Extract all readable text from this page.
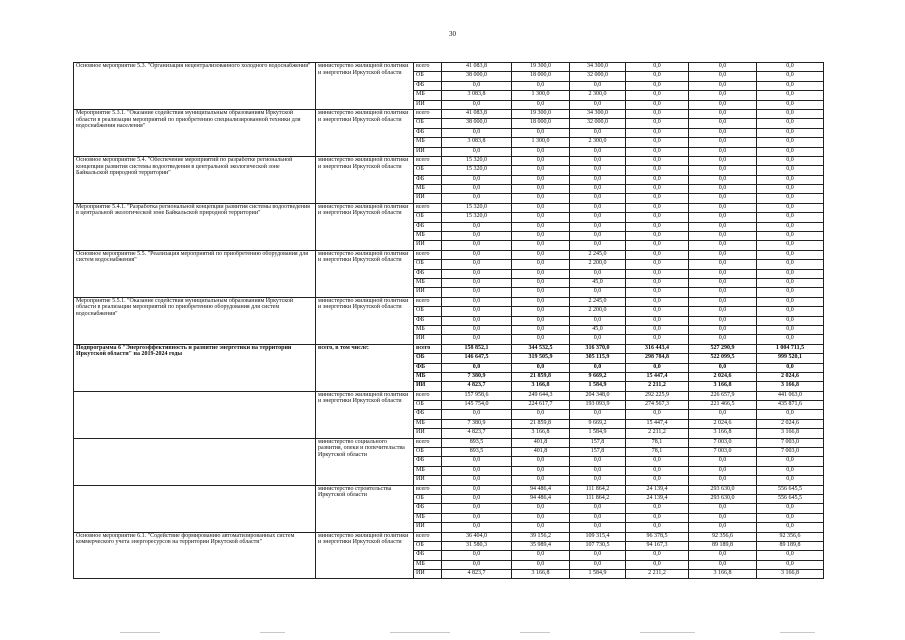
30
Основное мероприятие 5.3. "Организация нецентрализованного холодного водоснабжения"	министерство жилищной политики и энергетики Иркутской области	всего	41 083,8	19 300,0	34 300,0	0,0	0,0	0,0
		ОБ	38 000,0	18 000,0	32 000,0	0,0	0,0	0,0
		ФБ	0,0	0,0	0,0	0,0	0,0	0,0
		МБ	3 083,8	1 300,0	2 300,0	0,0	0,0	0,0
		ИИ	0,0	0,0	0,0	0,0	0,0	0,0
Мероприятие 5.3.1. "Оказание содействия муниципальным образованиям Иркутской области в реализации мероприятий по приобретению специализированной техники для водоснабжения населения"	министерство жилищной политики и энергетики Иркутской области	всего	41 083,8	19 300,0	34 300,0	0,0	0,0	0,0
		ОБ	38 000,0	18 000,0	32 000,0	0,0	0,0	0,0
		ФБ	0,0	0,0	0,0	0,0	0,0	0,0
		МБ	3 083,8	1 300,0	2 300,0	0,0	0,0	0,0
		ИИ	0,0	0,0	0,0	0,0	0,0	0,0
Основное мероприятие 5.4. "Обеспечение мероприятий по разработке региональной концепции развития системы водоотведения в центральной экологической зоне Байкальской природной территории"	министерство жилищной политики и энергетики Иркутской области	всего	15 320,0	0,0	0,0	0,0	0,0	0,0
		ОБ	15 320,0	0,0	0,0	0,0	0,0	0,0
		ФБ	0,0	0,0	0,0	0,0	0,0	0,0
		МБ	0,0	0,0	0,0	0,0	0,0	0,0
		ИИ	0,0	0,0	0,0	0,0	0,0	0,0
Мероприятие 5.4.1. "Разработка региональной концепции развития системы водоотведения в центральной экологической зоне Байкальской природной территории"	министерство жилищной политики и энергетики Иркутской области	всего	15 320,0	0,0	0,0	0,0	0,0	0,0
		ОБ	15 320,0	0,0	0,0	0,0	0,0	0,0
		ФБ	0,0	0,0	0,0	0,0	0,0	0,0
		МБ	0,0	0,0	0,0	0,0	0,0	0,0
		ИИ	0,0	0,0	0,0	0,0	0,0	0,0
Основное мероприятие 5.5. "Реализация мероприятий по приобретению оборудования для систем водоснабжения"	министерство жилищной политики и энергетики Иркутской области	всего	0,0	0,0	2 245,0	0,0	0,0	0,0
		ОБ	0,0	0,0	2 200,0	0,0	0,0	0,0
		ФБ	0,0	0,0	0,0	0,0	0,0	0,0
		МБ	0,0	0,0	45,0	0,0	0,0	0,0
		ИИ	0,0	0,0	0,0	0,0	0,0	0,0
Мероприятие 5.5.1. "Оказание содействия муниципальным образованиям Иркутской области в реализации мероприятий по приобретению оборудования для систем водоснабжения"	министерство жилищной политики и энергетики Иркутской области	всего	0,0	0,0	2 245,0	0,0	0,0	0,0
		ОБ	0,0	0,0	2 200,0	0,0	0,0	0,0
		ФБ	0,0	0,0	0,0	0,0	0,0	0,0
		МБ	0,0	0,0	45,0	0,0	0,0	0,0
		ИИ	0,0	0,0	0,0	0,0	0,0	0,0
Подпрограмма 6 "Энергоэффективность и развитие энергетики на территории Иркутской области" на 2019-2024 годы	всего, в том числе:	всего	158 852,1	344 532,5	316 370,0	316 443,4	527 290,9	1 004 711,5
		ОБ	146 647,5	319 505,9	305 115,9	298 784,8	522 099,5	999 520,1
		ФБ	0,0	0,0	0,0	0,0	0,0	0,0
		МБ	7 380,9	21 859,8	9 669,2	15 447,4	2 024,6	2 024,6
		ИИ	4 823,7	3 166,8	1 584,9	2 211,2	3 166,8	3 166,8
	министерство жилищной политики и энергетики Иркутской области	всего	157 958,6	249 644,3	204 348,0	292 225,9	226 657,9	441 063,0
		ОБ	145 754,0	224 617,7	193 093,9	274 567,3	221 466,5	435 871,6
		ФБ	0,0	0,0	0,0	0,0	0,0	0,0
		МБ	7 380,9	21 859,8	9 669,2	15 447,4	2 024,6	2 024,6
		ИИ	4 823,7	3 166,8	1 584,9	2 211,2	3 166,8	3 166,8
	министерство социального развития, опеки и попечительства Иркутской области	всего	893,5	401,8	157,8	78,1	7 003,0	7 003,0
		ОБ	893,5	401,8	157,8	78,1	7 003,0	7 003,0
		ФБ	0,0	0,0	0,0	0,0	0,0	0,0
		МБ	0,0	0,0	0,0	0,0	0,0	0,0
		ИИ	0,0	0,0	0,0	0,0	0,0	0,0
	министерство строительства Иркутской области	всего	0,0	94 486,4	111 864,2	24 139,4	293 630,0	556 645,5
		ОБ	0,0	94 486,4	111 864,2	24 139,4	293 630,0	556 645,5
		ФБ	0,0	0,0	0,0	0,0	0,0	0,0
		МБ	0,0	0,0	0,0	0,0	0,0	0,0
		ИИ	0,0	0,0	0,0	0,0	0,0	0,0
Основное мероприятие 6.1. "Содействие формированию автоматизированных систем коммерческого учета энергоресурсов на территории Иркутской области"	министерство жилищной политики и энергетики Иркутской области	всего	36 404,0	39 156,2	109 315,4	96 378,5	92 356,6	92 356,6
		ОБ	31 580,3	35 989,4	107 730,5	94 167,3	89 189,8	89 189,8
		ФБ	0,0	0,0	0,0	0,0	0,0	0,0
		МБ	0,0	0,0	0,0	0,0	0,0	0,0
		ИИ	4 823,7	3 166,8	1 584,9	2 211,2	3 166,8	3 166,8
